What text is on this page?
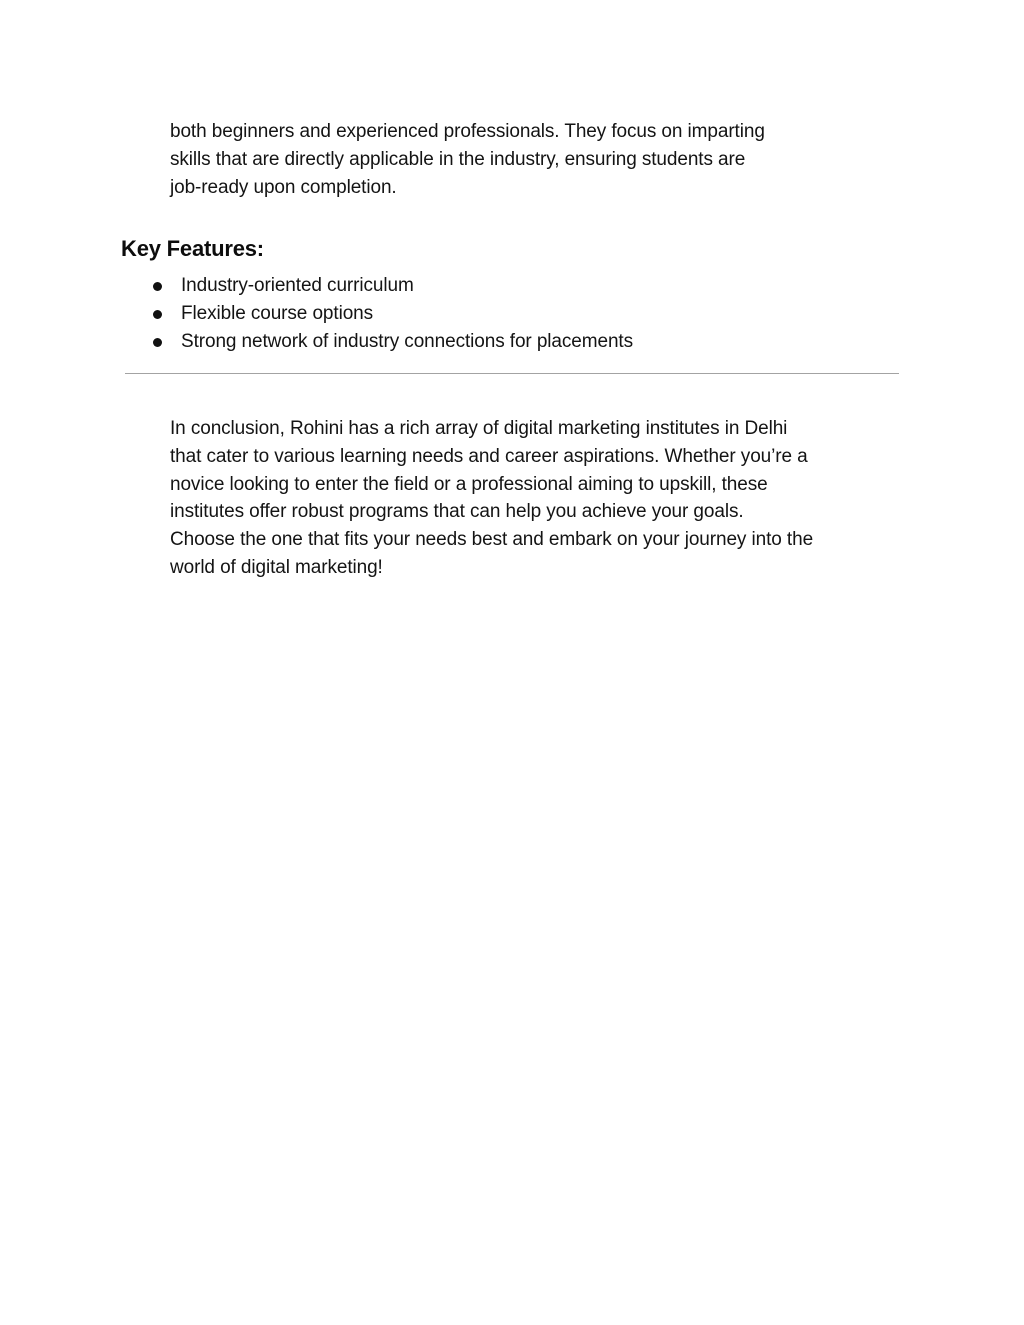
both beginners and experienced professionals. They focus on imparting
skills that are directly applicable in the industry, ensuring students are
job-ready upon completion.

Key Features:
Industry-oriented curriculum
Flexible course options
Strong network of industry connections for placements

In conclusion, Rohini has a rich array of digital marketing institutes in Delhi
that cater to various learning needs and career aspirations. Whether you’re a
novice looking to enter the field or a professional aiming to upskill, these
institutes offer robust programs that can help you achieve your goals.
Choose the one that fits your needs best and embark on your journey into the
world of digital marketing!
